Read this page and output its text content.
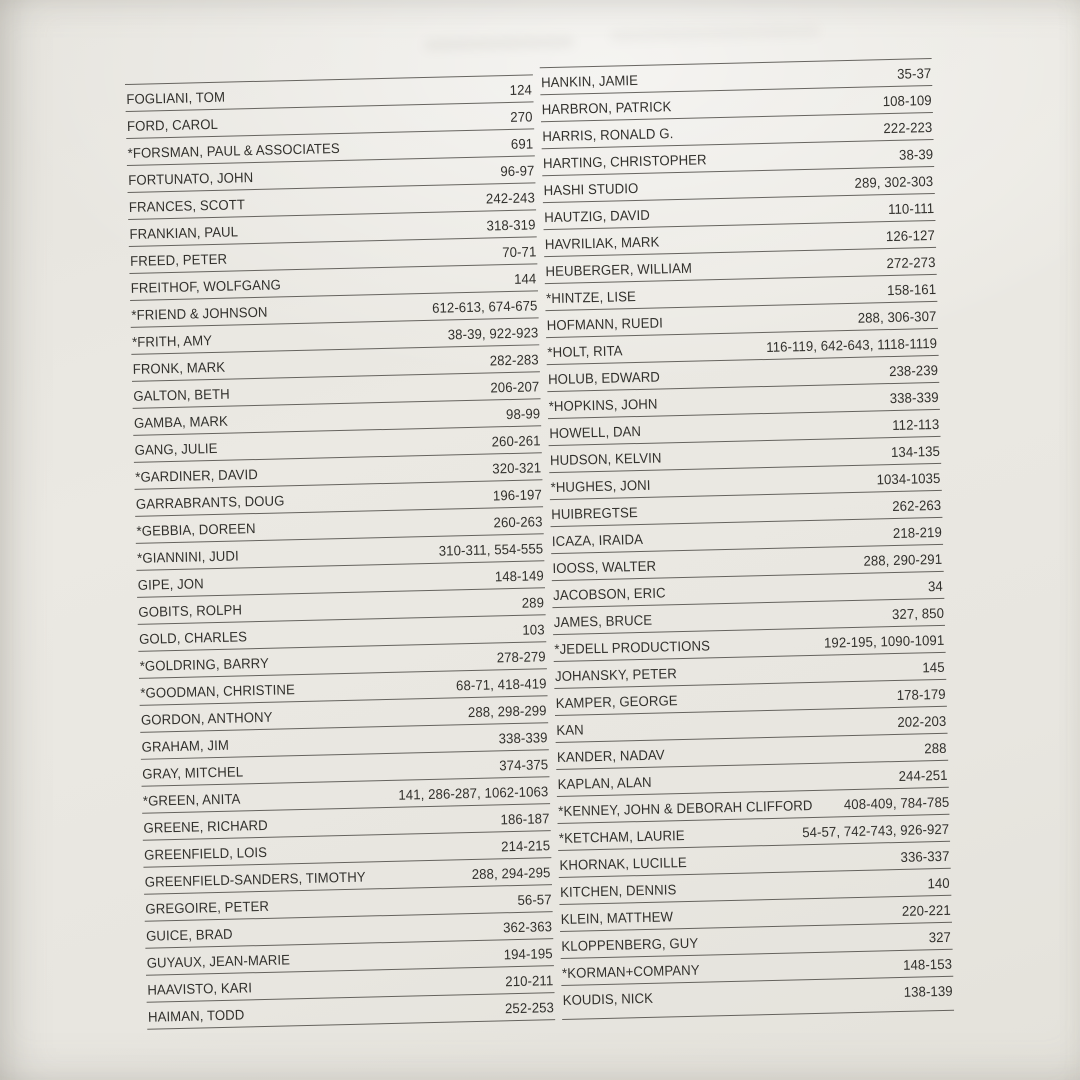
FOGLIANI, TOM	124
FORD, CAROL	270
*FORSMAN, PAUL & ASSOCIATES	691
FORTUNATO, JOHN	96-97
FRANCES, SCOTT	242-243
FRANKIAN, PAUL	318-319
FREED, PETER	70-71
FREITHOF, WOLFGANG	144
*FRIEND & JOHNSON	612-613, 674-675
*FRITH, AMY	38-39, 922-923
FRONK, MARK	282-283
GALTON, BETH	206-207
GAMBA, MARK	98-99
GANG, JULIE	260-261
*GARDINER, DAVID	320-321
GARRABRANTS, DOUG	196-197
*GEBBIA, DOREEN	260-263
*GIANNINI, JUDI	310-311, 554-555
GIPE, JON	148-149
GOBITS, ROLPH	289
GOLD, CHARLES	103
*GOLDRING, BARRY	278-279
*GOODMAN, CHRISTINE	68-71, 418-419
GORDON, ANTHONY	288, 298-299
GRAHAM, JIM	338-339
GRAY, MITCHEL	374-375
*GREEN, ANITA	141, 286-287, 1062-1063
GREENE, RICHARD	186-187
GREENFIELD, LOIS	214-215
GREENFIELD-SANDERS, TIMOTHY	288, 294-295
GREGOIRE, PETER	56-57
GUICE, BRAD	362-363
GUYAUX, JEAN-MARIE	194-195
HAAVISTO, KARI	210-211
HAIMAN, TODD	252-253
HANKIN, JAMIE	35-37
HARBRON, PATRICK	108-109
HARRIS, RONALD G.	222-223
HARTING, CHRISTOPHER	38-39
HASHI STUDIO	289, 302-303
HAUTZIG, DAVID	110-111
HAVRILIAK, MARK	126-127
HEUBERGER, WILLIAM	272-273
*HINTZE, LISE	158-161
HOFMANN, RUEDI	288, 306-307
*HOLT, RITA	116-119, 642-643, 1118-1119
HOLUB, EDWARD	238-239
*HOPKINS, JOHN	338-339
HOWELL, DAN	112-113
HUDSON, KELVIN	134-135
*HUGHES, JONI	1034-1035
HUIBREGTSE	262-263
ICAZA, IRAIDA	218-219
IOOSS, WALTER	288, 290-291
JACOBSON, ERIC	34
JAMES, BRUCE	327, 850
*JEDELL PRODUCTIONS	192-195, 1090-1091
JOHANSKY, PETER	145
KAMPER, GEORGE	178-179
KAN	202-203
KANDER, NADAV	288
KAPLAN, ALAN	244-251
*KENNEY, JOHN & DEBORAH CLIFFORD 408-409, 784-785
*KETCHAM, LAURIE	54-57, 742-743, 926-927
KHORNAK, LUCILLE	336-337
KITCHEN, DENNIS	140
KLEIN, MATTHEW	220-221
KLOPPENBERG, GUY	327
*KORMAN+COMPANY	148-153
KOUDIS, NICK	138-139
